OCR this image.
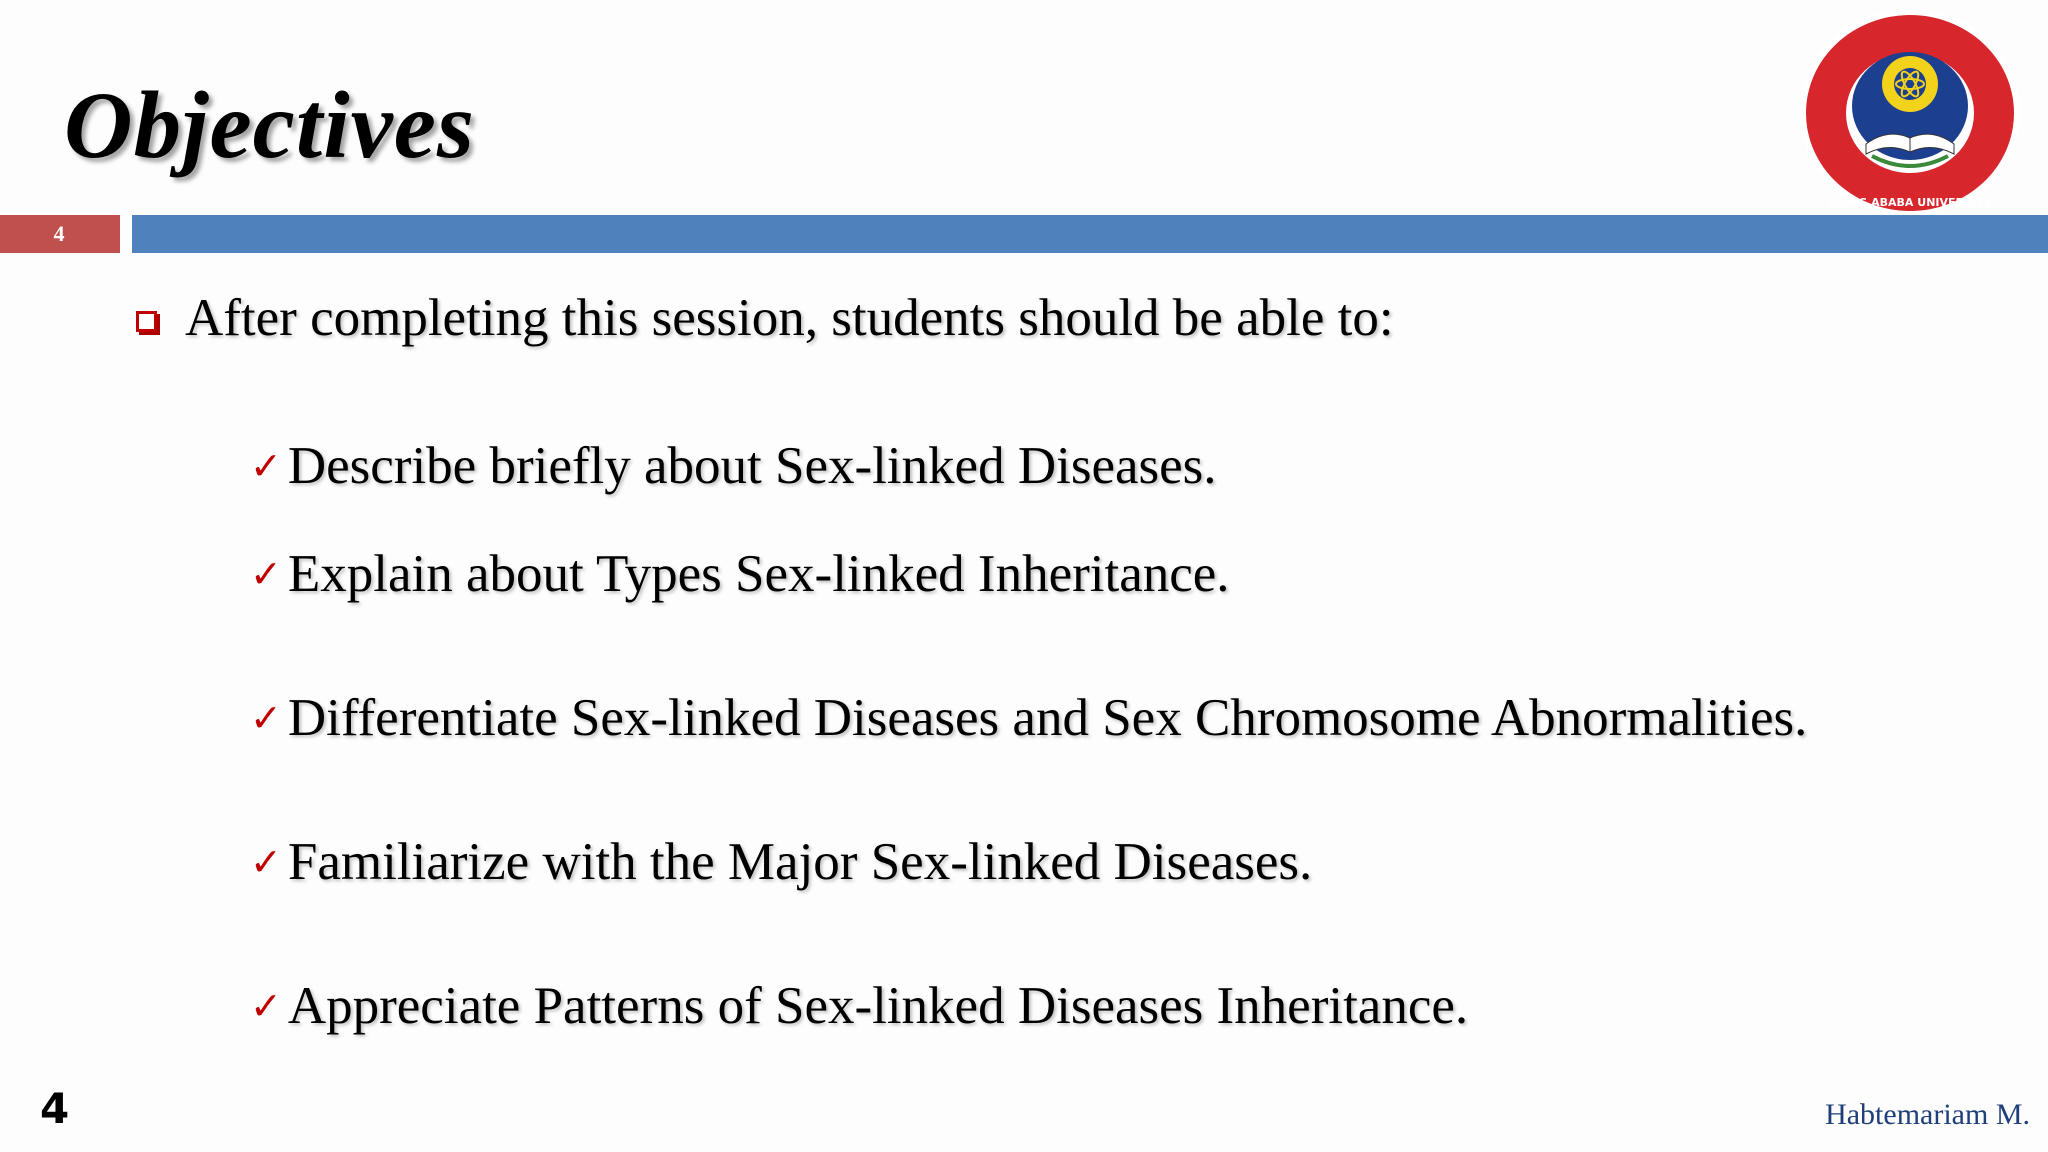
Objectives
ADDIS ABABA UNIVERSITY
4
After completing this session, students should be able to:
✓ Describe briefly about Sex-linked Diseases.
✓ Explain about Types Sex-linked Inheritance.
✓ Differentiate Sex-linked Diseases and Sex Chromosome Abnormalities.
✓ Familiarize with the Major Sex-linked Diseases.
✓ Appreciate Patterns of Sex-linked Diseases Inheritance.
4	Habtemariam M.
